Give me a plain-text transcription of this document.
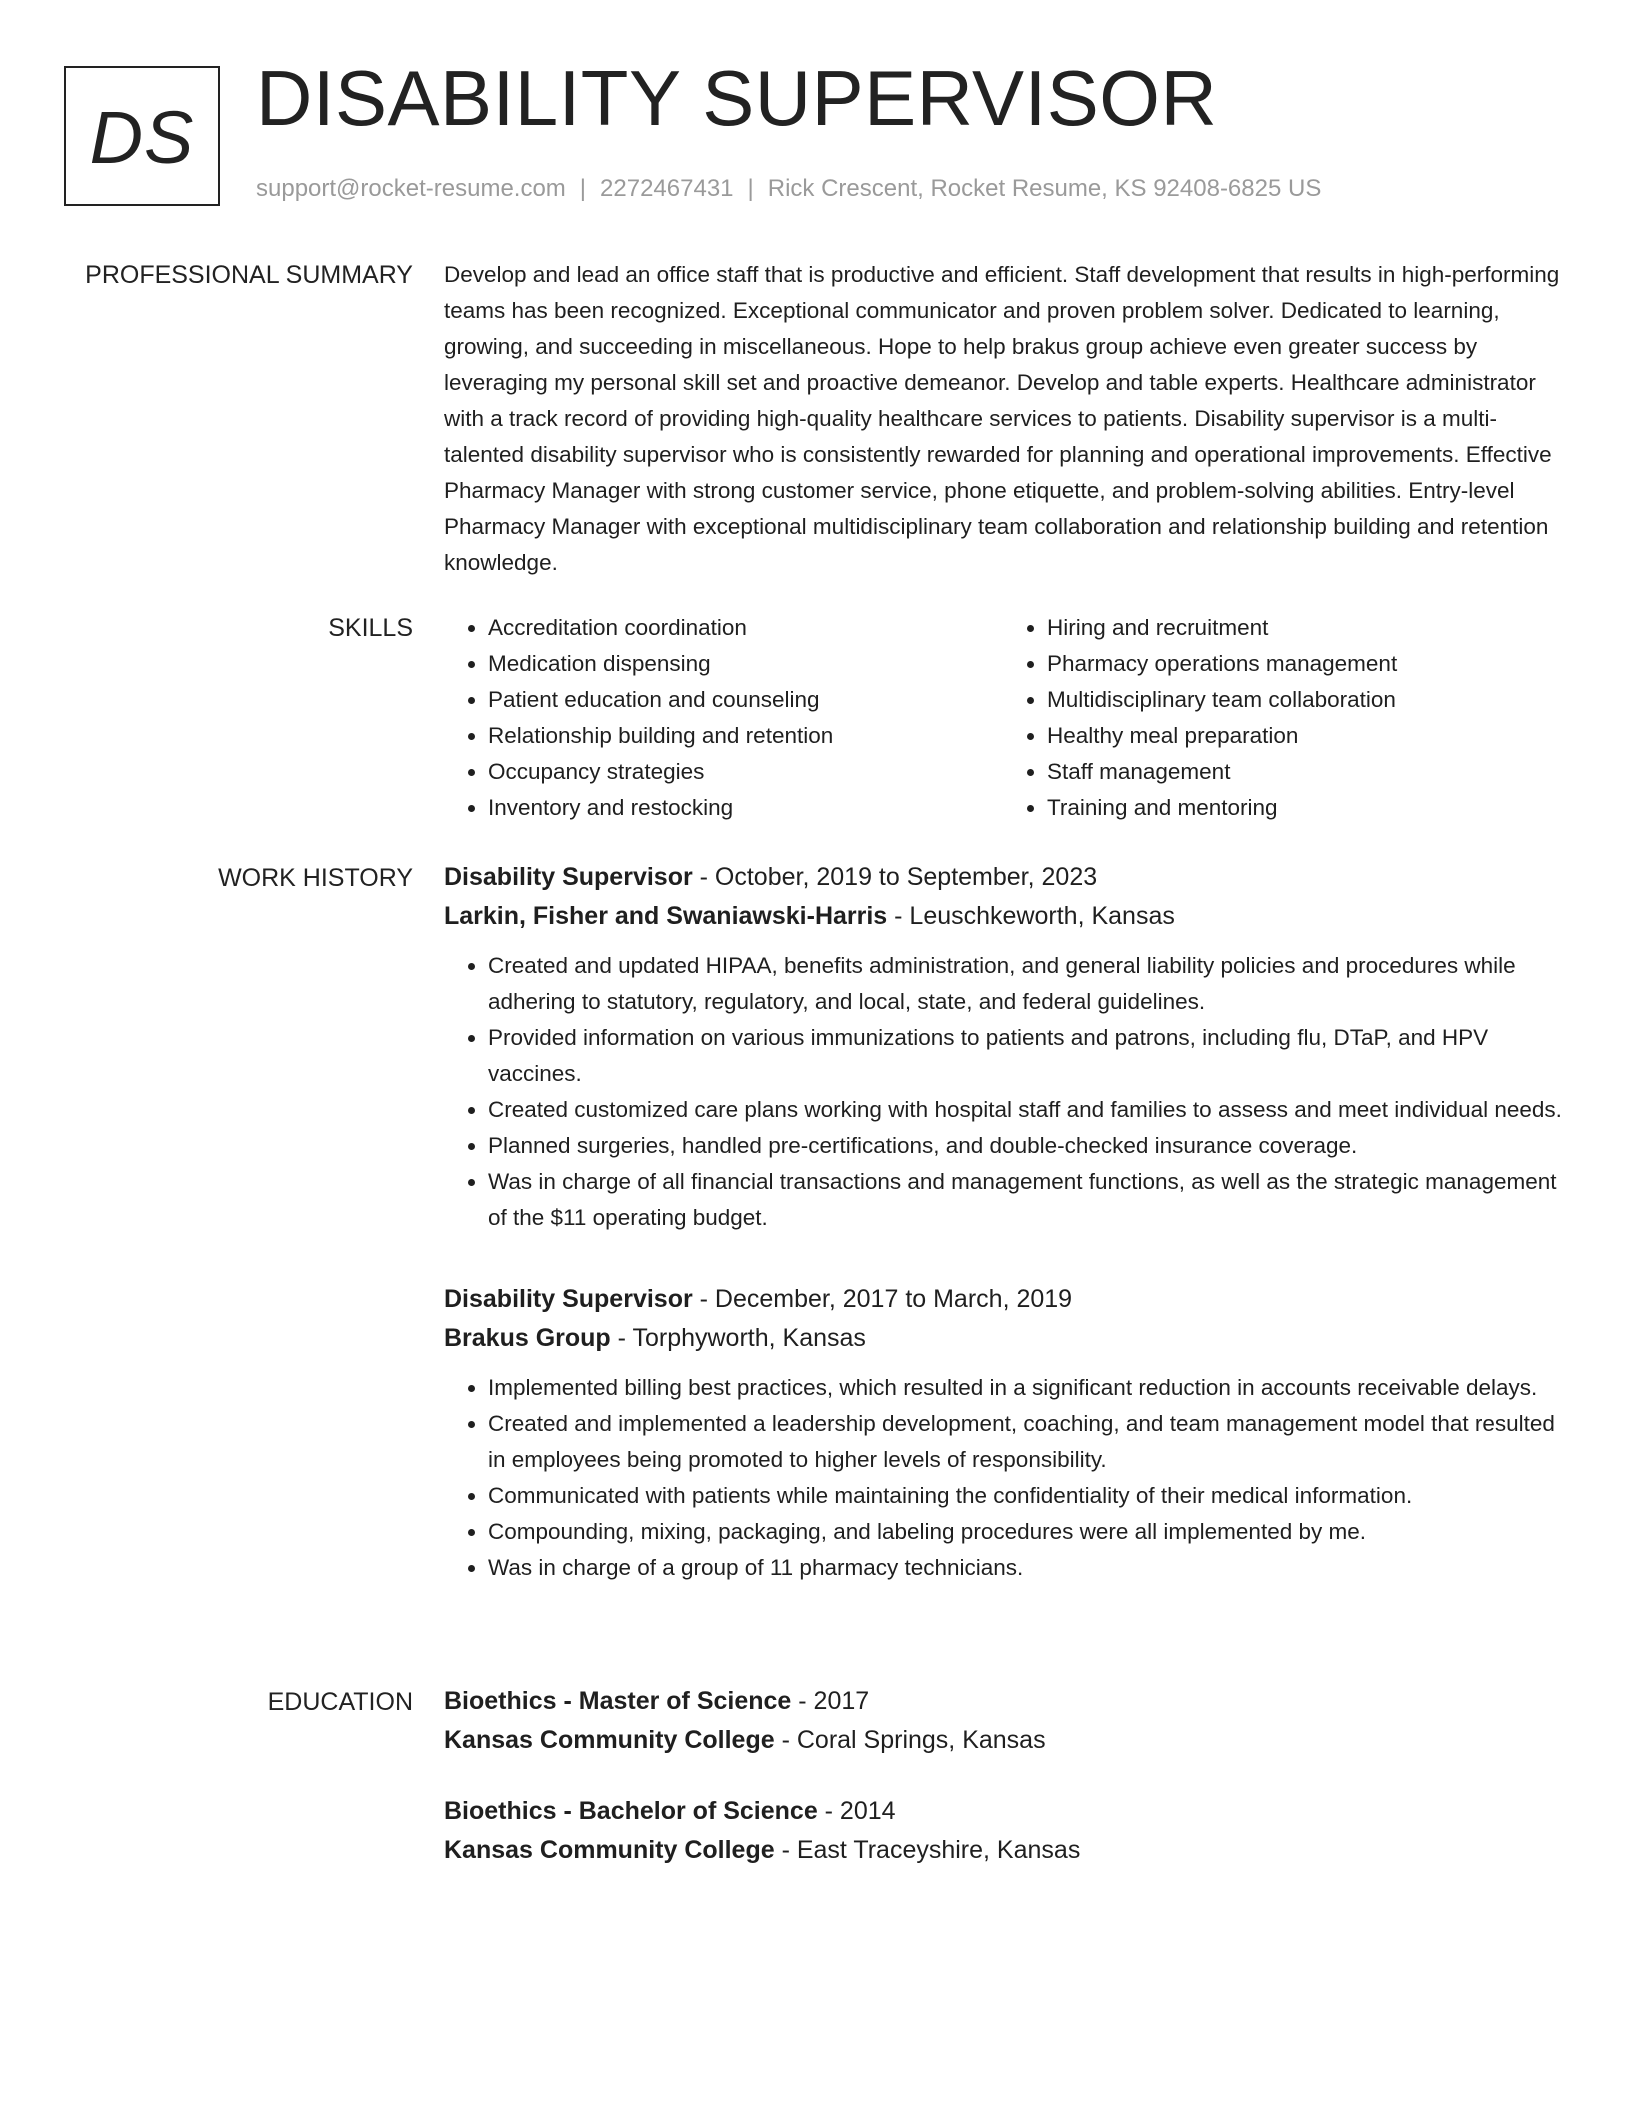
DS DISABILITY SUPERVISOR
support@rocket-resume.com | 2272467431 | Rick Crescent, Rocket Resume, KS 92408-6825 US
PROFESSIONAL SUMMARY Develop and lead an office staff that is productive and efficient. Staff development that results in high-performing teams has been recognized. Exceptional communicator and proven problem solver. Dedicated to learning, growing, and succeeding in miscellaneous. Hope to help brakus group achieve even greater success by leveraging my personal skill set and proactive demeanor. Develop and table experts. Healthcare administrator with a track record of providing high-quality healthcare services to patients. Disability supervisor is a multi-talented disability supervisor who is consistently rewarded for planning and operational improvements. Effective Pharmacy Manager with strong customer service, phone etiquette, and problem-solving abilities. Entry-level Pharmacy Manager with exceptional multidisciplinary team collaboration and relationship building and retention knowledge.
SKILLS
•	Accreditation coordination
• Medication dispensing
• Patient education and counseling
• Relationship building and retention
• Occupancy strategies
• Inventory and restocking
• Hiring and recruitment
• Pharmacy operations management
• Multidisciplinary team collaboration
• Healthy meal preparation
• Staff management
• Training and mentoring
WORK HISTORY Disability Supervisor - October, 2019 to September, 2023
Larkin, Fisher and Swaniawski-Harris - Leuschkeworth, Kansas
• Created and updated HIPAA, benefits administration, and general liability policies and procedures while adhering to statutory, regulatory, and local, state, and federal guidelines.
• Provided information on various immunizations to patients and patrons, including flu, DTaP, and HPV vaccines.
• Created customized care plans working with hospital staff and families to assess and meet individual needs.
• Planned surgeries, handled pre-certifications, and double-checked insurance coverage.
• Was in charge of all financial transactions and management functions, as well as the strategic management of the $11 operating budget.
Disability Supervisor - December, 2017 to March, 2019
Brakus Group - Torphyworth, Kansas
• Implemented billing best practices, which resulted in a significant reduction in accounts receivable delays.
• Created and implemented a leadership development, coaching, and team management model that resulted in employees being promoted to higher levels of responsibility.
• Communicated with patients while maintaining the confidentiality of their medical information.
• Compounding, mixing, packaging, and labeling procedures were all implemented by me.
• Was in charge of a group of 11 pharmacy technicians.
EDUCATION Bioethics - Master of Science - 2017
Kansas Community College - Coral Springs, Kansas
Bioethics - Bachelor of Science - 2014
Kansas Community College - East Traceyshire, Kansas
